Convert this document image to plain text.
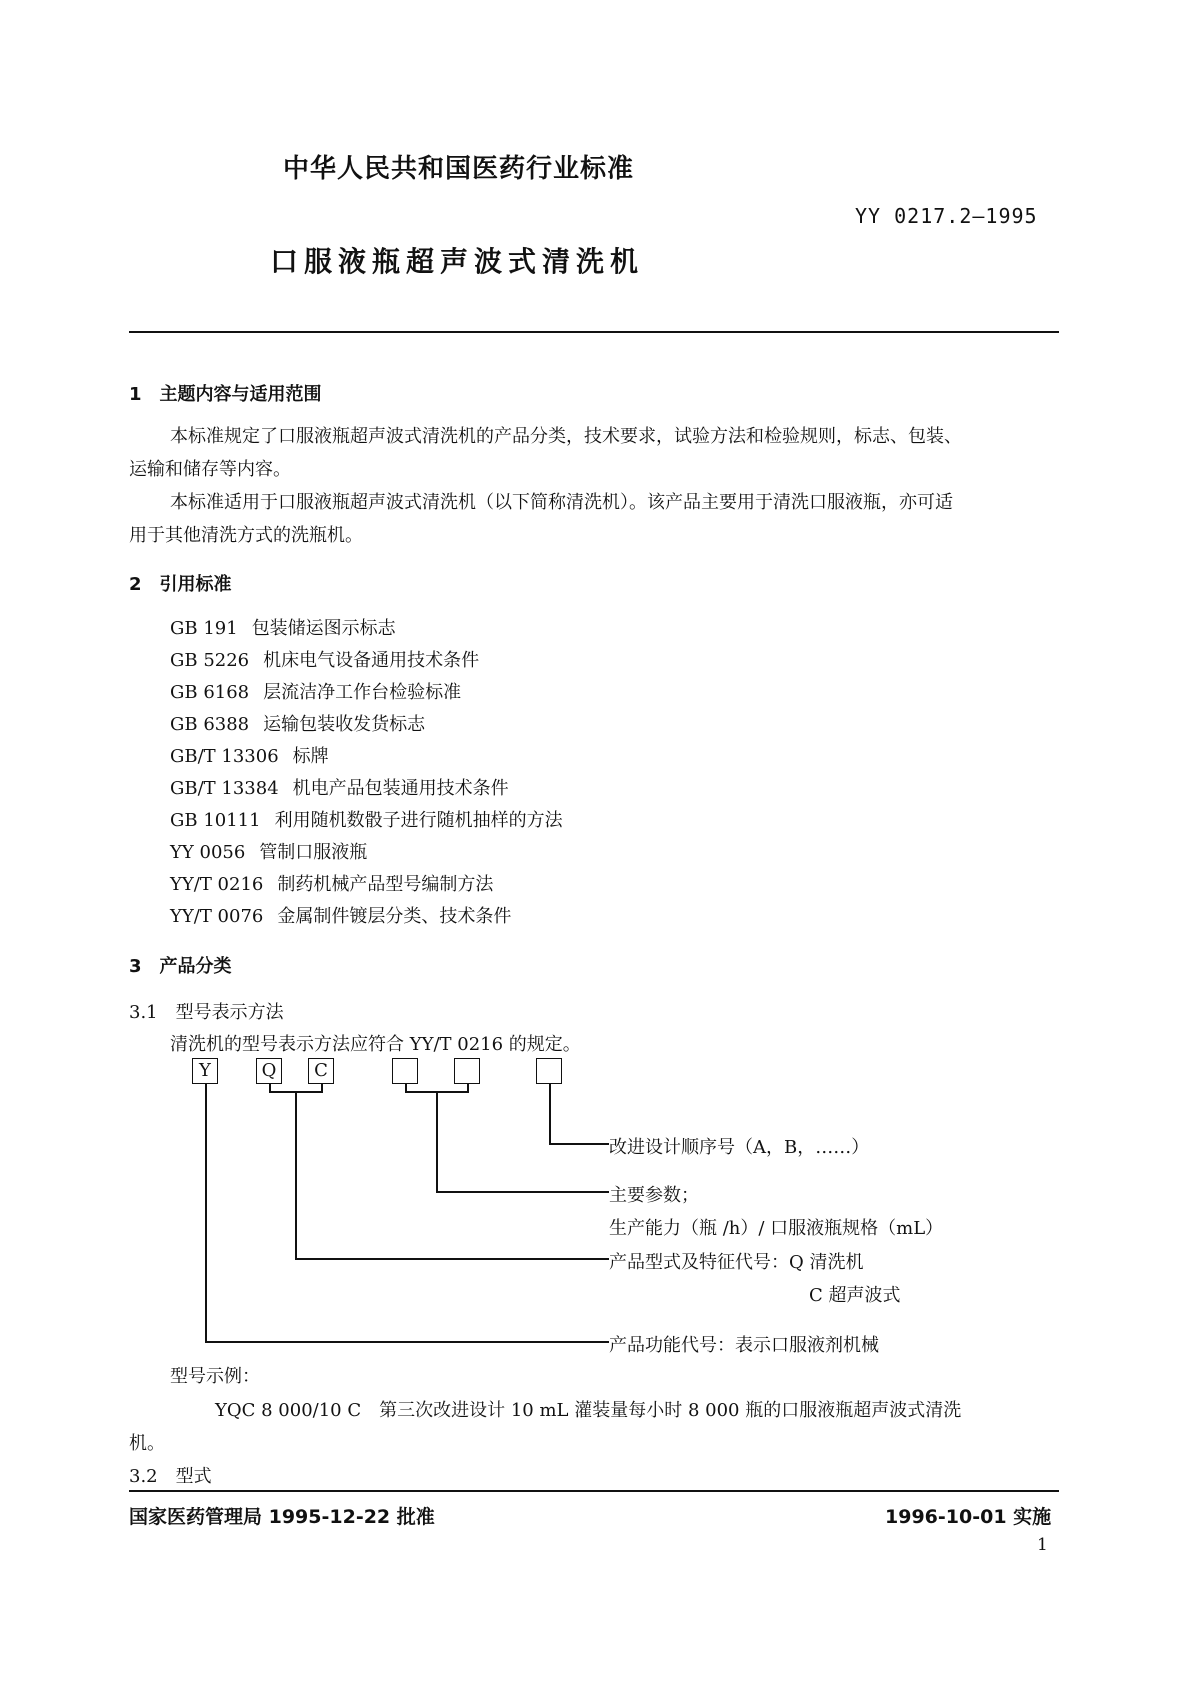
中华人民共和国医药行业标准
YY 0217.2—1995
口服液瓶超声波式清洗机
1　主题内容与适用范围
本标准规定了口服液瓶超声波式清洗机的产品分类，技术要求，试验方法和检验规则，标志、包装、
运输和储存等内容。
本标准适用于口服液瓶超声波式清洗机（以下简称清洗机）。该产品主要用于清洗口服液瓶，亦可适
用于其他清洗方式的洗瓶机。
2　引用标准
GB 191 包装储运图示标志
GB 5226 机床电气设备通用技术条件
GB 6168 层流洁净工作台检验标准
GB 6388 运输包装收发货标志
GB/T 13306 标牌
GB/T 13384 机电产品包装通用技术条件
GB 10111 利用随机数骰子进行随机抽样的方法
YY 0056 管制口服液瓶
YY/T 0216 制药机械产品型号编制方法
YY/T 0076 金属制件镀层分类、技术条件
3　产品分类
3.1　型号表示方法
清洗机的型号表示方法应符合 YY/T 0216 的规定。
Y	Q	C
改进设计顺序号（A，B，……）
主要参数；
生产能力（瓶 /h）/ 口服液瓶规格（mL）
产品型式及特征代号：Q 清洗机
C 超声波式
产品功能代号：表示口服液剂机械
型号示例：
YQC 8 000/10 C　第三次改进设计 10 mL 灌装量每小时 8 000 瓶的口服液瓶超声波式清洗
机。
3.2　型式
国家医药管理局 1995-12-22 批准	1996-10-01 实施
1
